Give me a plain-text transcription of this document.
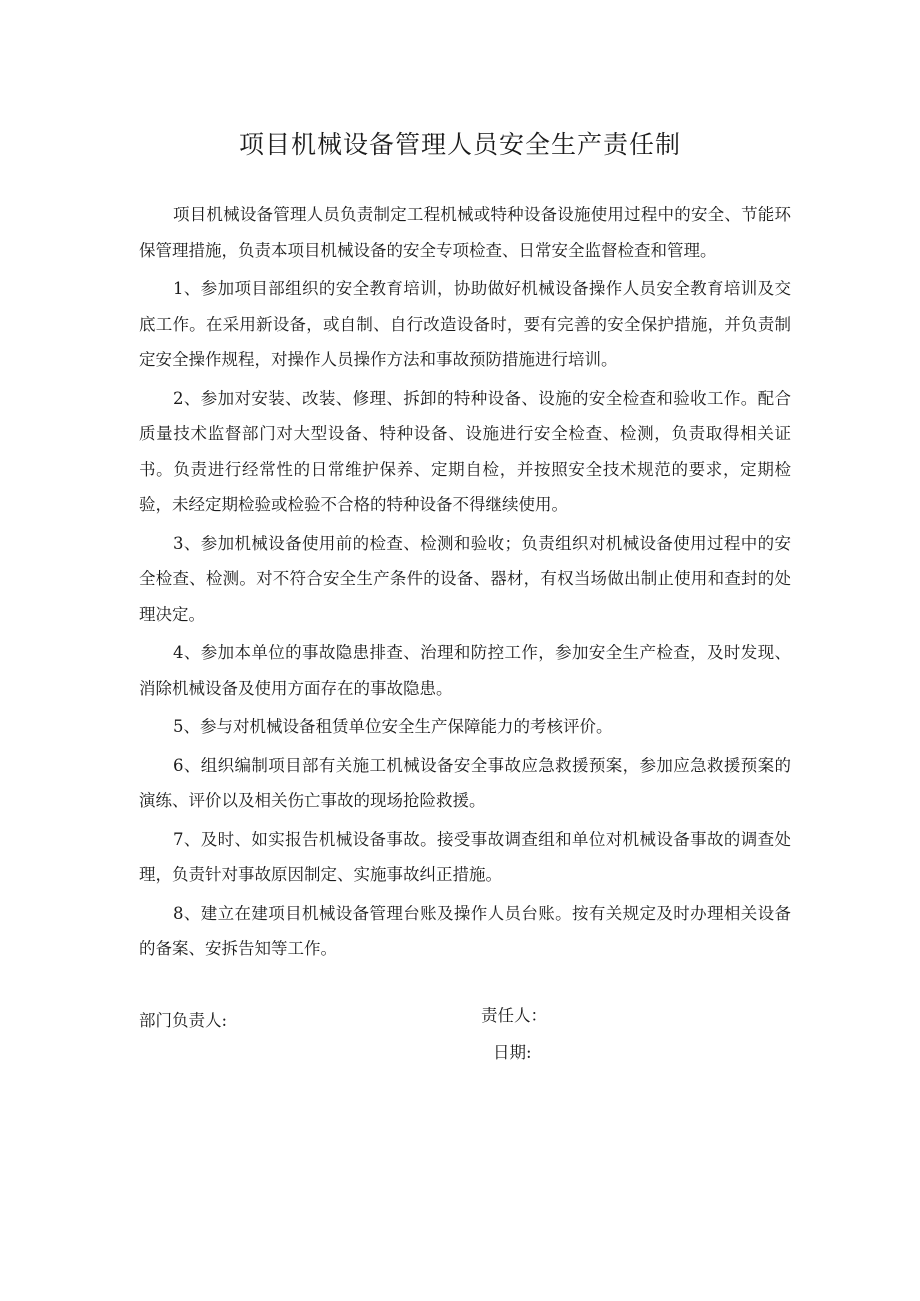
项目机械设备管理人员安全生产责任制

项目机械设备管理人员负责制定工程机械或特种设备设施使用过程中的安全、节能环保管理措施，负责本项目机械设备的安全专项检查、日常安全监督检查和管理。

1、参加项目部组织的安全教育培训，协助做好机械设备操作人员安全教育培训及交底工作。在采用新设备，或自制、自行改造设备时，要有完善的安全保护措施，并负责制定安全操作规程，对操作人员操作方法和事故预防措施进行培训。

2、参加对安装、改装、修理、拆卸的特种设备、设施的安全检查和验收工作。配合质量技术监督部门对大型设备、特种设备、设施进行安全检查、检测，负责取得相关证书。负责进行经常性的日常维护保养、定期自检，并按照安全技术规范的要求，定期检验，未经定期检验或检验不合格的特种设备不得继续使用。

3、参加机械设备使用前的检查、检测和验收；负责组织对机械设备使用过程中的安全检查、检测。对不符合安全生产条件的设备、器材，有权当场做出制止使用和查封的处理决定。

4、参加本单位的事故隐患排查、治理和防控工作，参加安全生产检查，及时发现、消除机械设备及使用方面存在的事故隐患。

5、参与对机械设备租赁单位安全生产保障能力的考核评价。

6、组织编制项目部有关施工机械设备安全事故应急救援预案，参加应急救援预案的演练、评价以及相关伤亡事故的现场抢险救援。

7、及时、如实报告机械设备事故。接受事故调查组和单位对机械设备事故的调查处理，负责针对事故原因制定、实施事故纠正措施。

8、建立在建项目机械设备管理台账及操作人员台账。按有关规定及时办理相关设备的备案、安拆告知等工作。

部门负责人:	责任人：
日期:
